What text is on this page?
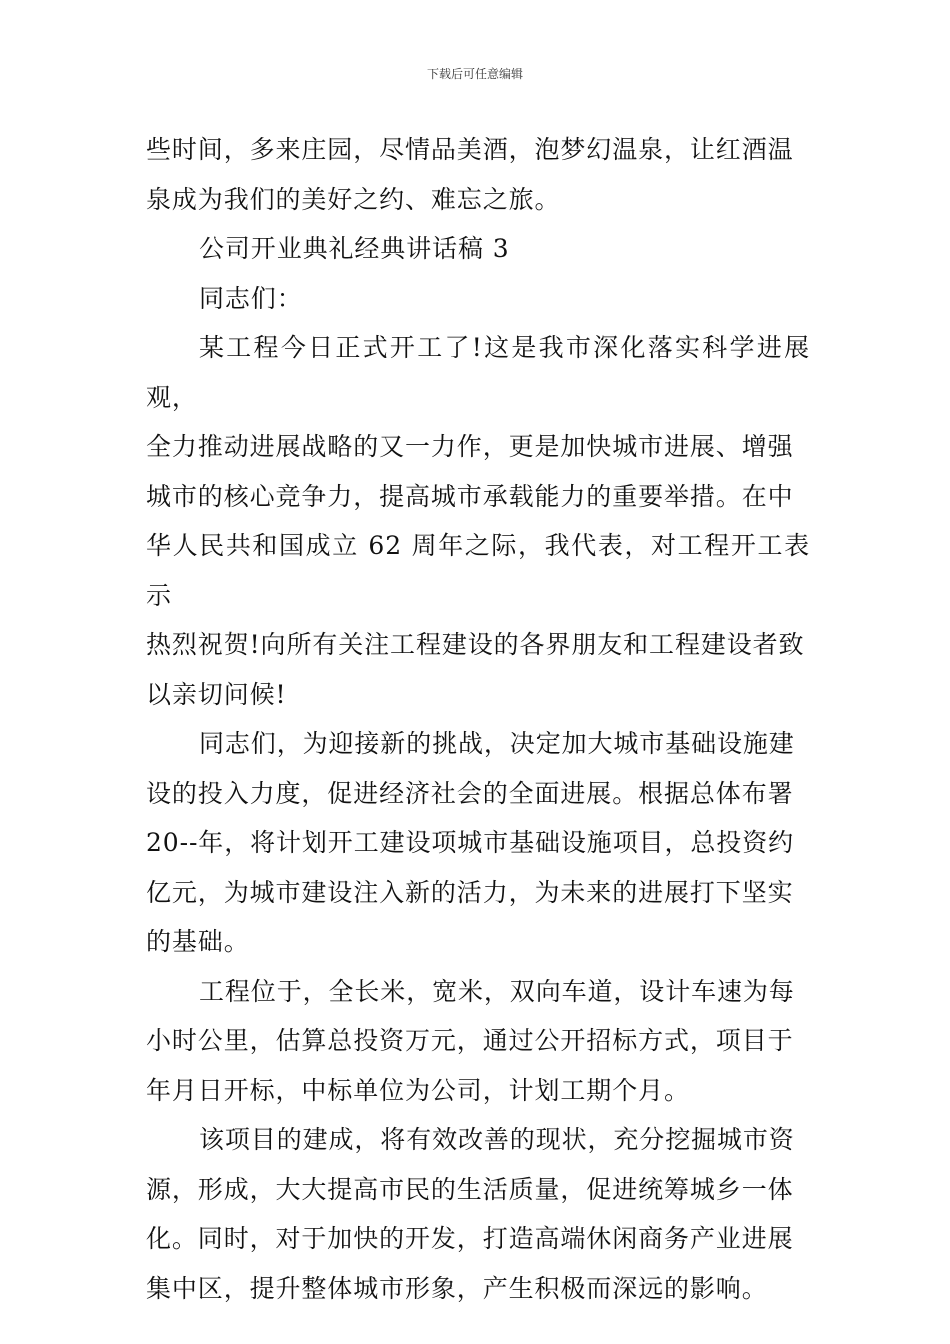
下载后可任意编辑

些时间，多来庄园，尽情品美酒，泡梦幻温泉，让红酒温
泉成为我们的美好之约、难忘之旅。

公司开业典礼经典讲话稿 3

同志们：

某工程今日正式开工了!这是我市深化落实科学进展观，
全力推动进展战略的又一力作，更是加快城市进展、增强
城市的核心竞争力，提高城市承载能力的重要举措。在中
华人民共和国成立 62 周年之际，我代表，对工程开工表示
热烈祝贺!向所有关注工程建设的各界朋友和工程建设者致
以亲切问候!

同志们，为迎接新的挑战，决定加大城市基础设施建
设的投入力度，促进经济社会的全面进展。根据总体布署
20--年，将计划开工建设项城市基础设施项目，总投资约
亿元，为城市建设注入新的活力，为未来的进展打下坚实
的基础。

工程位于，全长米，宽米，双向车道，设计车速为每
小时公里，估算总投资万元，通过公开招标方式，项目于
年月日开标，中标单位为公司，计划工期个月。

该项目的建成，将有效改善的现状，充分挖掘城市资
源，形成，大大提高市民的生活质量，促进统筹城乡一体
化。同时，对于加快的开发，打造高端休闲商务产业进展
集中区，提升整体城市形象，产生积极而深远的影响。
